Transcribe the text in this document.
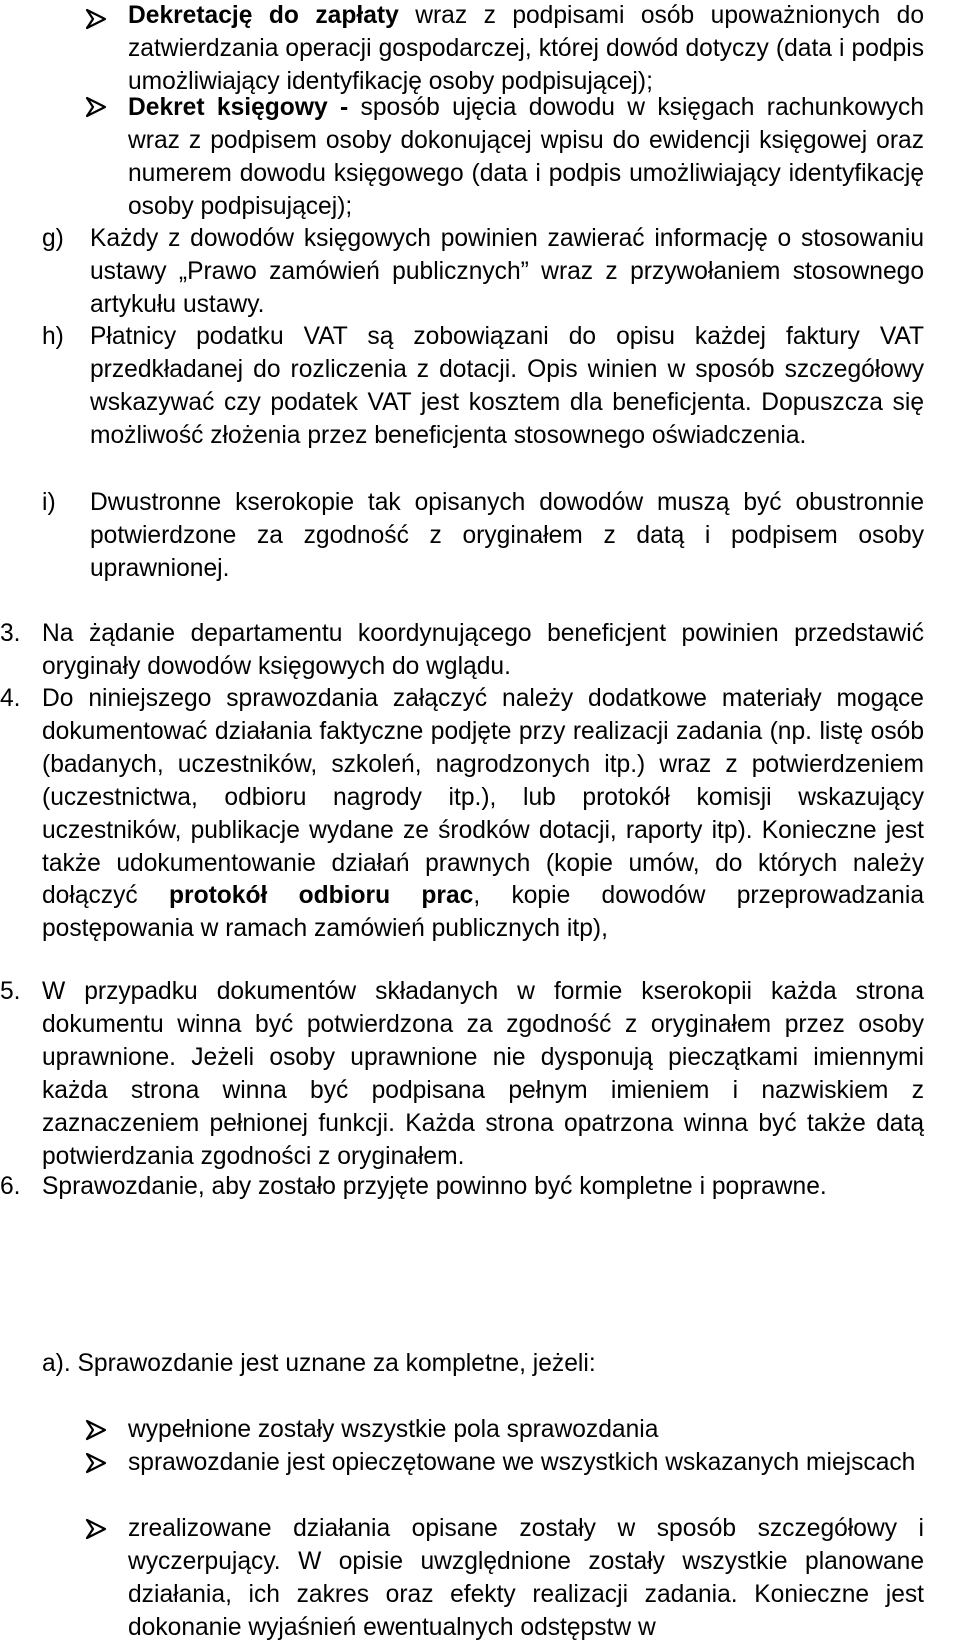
Dekretację do zapłaty wraz z podpisami osób upoważnionych do zatwierdzania operacji gospodarczej, której dowód dotyczy (data i podpis umożliwiający identyfikację osoby podpisującej);
Dekret księgowy - sposób ujęcia dowodu w księgach rachunkowych wraz z podpisem osoby dokonującej wpisu do ewidencji księgowej oraz numerem dowodu księgowego (data i podpis umożliwiający identyfikację osoby podpisującej);
g) Każdy z dowodów księgowych powinien zawierać informację o stosowaniu ustawy „Prawo zamówień publicznych” wraz z przywołaniem stosownego artykułu ustawy.
h) Płatnicy podatku VAT są zobowiązani do opisu każdej faktury VAT przedkładanej do rozliczenia z dotacji. Opis winien w sposób szczegółowy wskazywać czy podatek VAT jest kosztem dla beneficjenta. Dopuszcza się możliwość złożenia przez beneficjenta stosownego oświadczenia.
i) Dwustronne kserokopie tak opisanych dowodów muszą być obustronnie potwierdzone za zgodność z oryginałem z datą i podpisem osoby uprawnionej.
3. Na żądanie departamentu koordynującego beneficjent powinien przedstawić oryginały dowodów księgowych do wglądu.
4. Do niniejszego sprawozdania załączyć należy dodatkowe materiały mogące dokumentować działania faktyczne podjęte przy realizacji zadania (np. listę osób (badanych, uczestników, szkoleń, nagrodzonych itp.) wraz z potwierdzeniem (uczestnictwa, odbioru nagrody itp.), lub protokół komisji wskazujący uczestników, publikacje wydane ze środków dotacji, raporty itp). Konieczne jest także udokumentowanie działań prawnych (kopie umów, do których należy dołączyć protokół odbioru prac, kopie dowodów przeprowadzania postępowania w ramach zamówień publicznych itp),
5. W przypadku dokumentów składanych w formie kserokopii każda strona dokumentu winna być potwierdzona za zgodność z oryginałem przez osoby uprawnione. Jeżeli osoby uprawnione nie dysponują pieczątkami imiennymi każda strona winna być podpisana pełnym imieniem i nazwiskiem z zaznaczeniem pełnionej funkcji. Każda strona opatrzona winna być także datą potwierdzania zgodności z oryginałem.
6. Sprawozdanie, aby zostało przyjęte powinno być kompletne i poprawne.
a). Sprawozdanie jest uznane za kompletne, jeżeli:
wypełnione zostały wszystkie pola sprawozdania
sprawozdanie jest opieczętowane we wszystkich wskazanych miejscach
zrealizowane działania opisane zostały w sposób szczegółowy i wyczerpujący. W opisie uwzględnione zostały wszystkie planowane działania, ich zakres oraz efekty realizacji zadania. Konieczne jest dokonanie wyjaśnień ewentualnych odstępstw w
